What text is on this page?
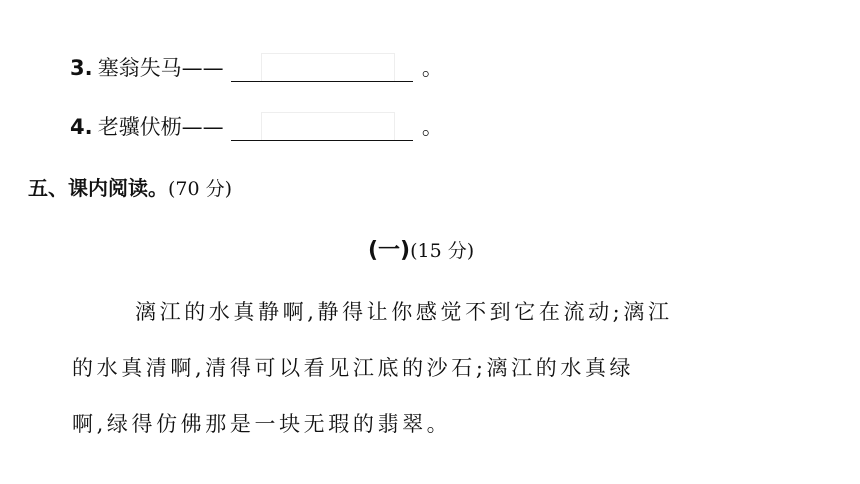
3. 塞翁失马——	。
4. 老骥伏枥——	。
五、课内阅读。(70 分)
(一)(15 分)
漓江的水真静啊,静得让你感觉不到它在流动;漓江
的水真清啊,清得可以看见江底的沙石;漓江的水真绿
啊,绿得仿佛那是一块无瑕的翡翠。
